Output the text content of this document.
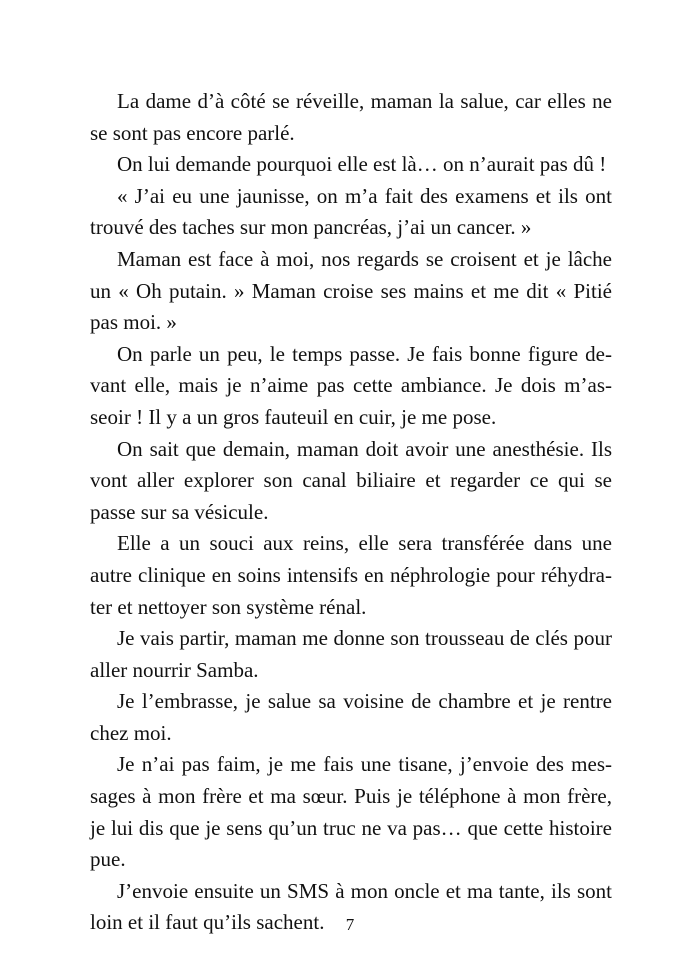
La dame d’à côté se réveille, maman la salue, car elles ne se sont pas encore parlé.

On lui demande pourquoi elle est là… on n’aurait pas dû !

« J’ai eu une jaunisse, on m’a fait des examens et ils ont trouvé des taches sur mon pancréas, j’ai un cancer. »

Maman est face à moi, nos regards se croisent et je lâche un « Oh putain. » Maman croise ses mains et me dit « Pitié pas moi. »

On parle un peu, le temps passe. Je fais bonne figure devant elle, mais je n’aime pas cette ambiance. Je dois m’asseoir ! Il y a un gros fauteuil en cuir, je me pose.

On sait que demain, maman doit avoir une anesthésie. Ils vont aller explorer son canal biliaire et regarder ce qui se passe sur sa vésicule.

Elle a un souci aux reins, elle sera transférée dans une autre clinique en soins intensifs en néphrologie pour réhydrater et nettoyer son système rénal.

Je vais partir, maman me donne son trousseau de clés pour aller nourrir Samba.

Je l’embrasse, je salue sa voisine de chambre et je rentre chez moi.

Je n’ai pas faim, je me fais une tisane, j’envoie des messages à mon frère et ma sœur. Puis je téléphone à mon frère, je lui dis que je sens qu’un truc ne va pas… que cette histoire pue.

J’envoie ensuite un SMS à mon oncle et ma tante, ils sont loin et il faut qu’ils sachent.	7
